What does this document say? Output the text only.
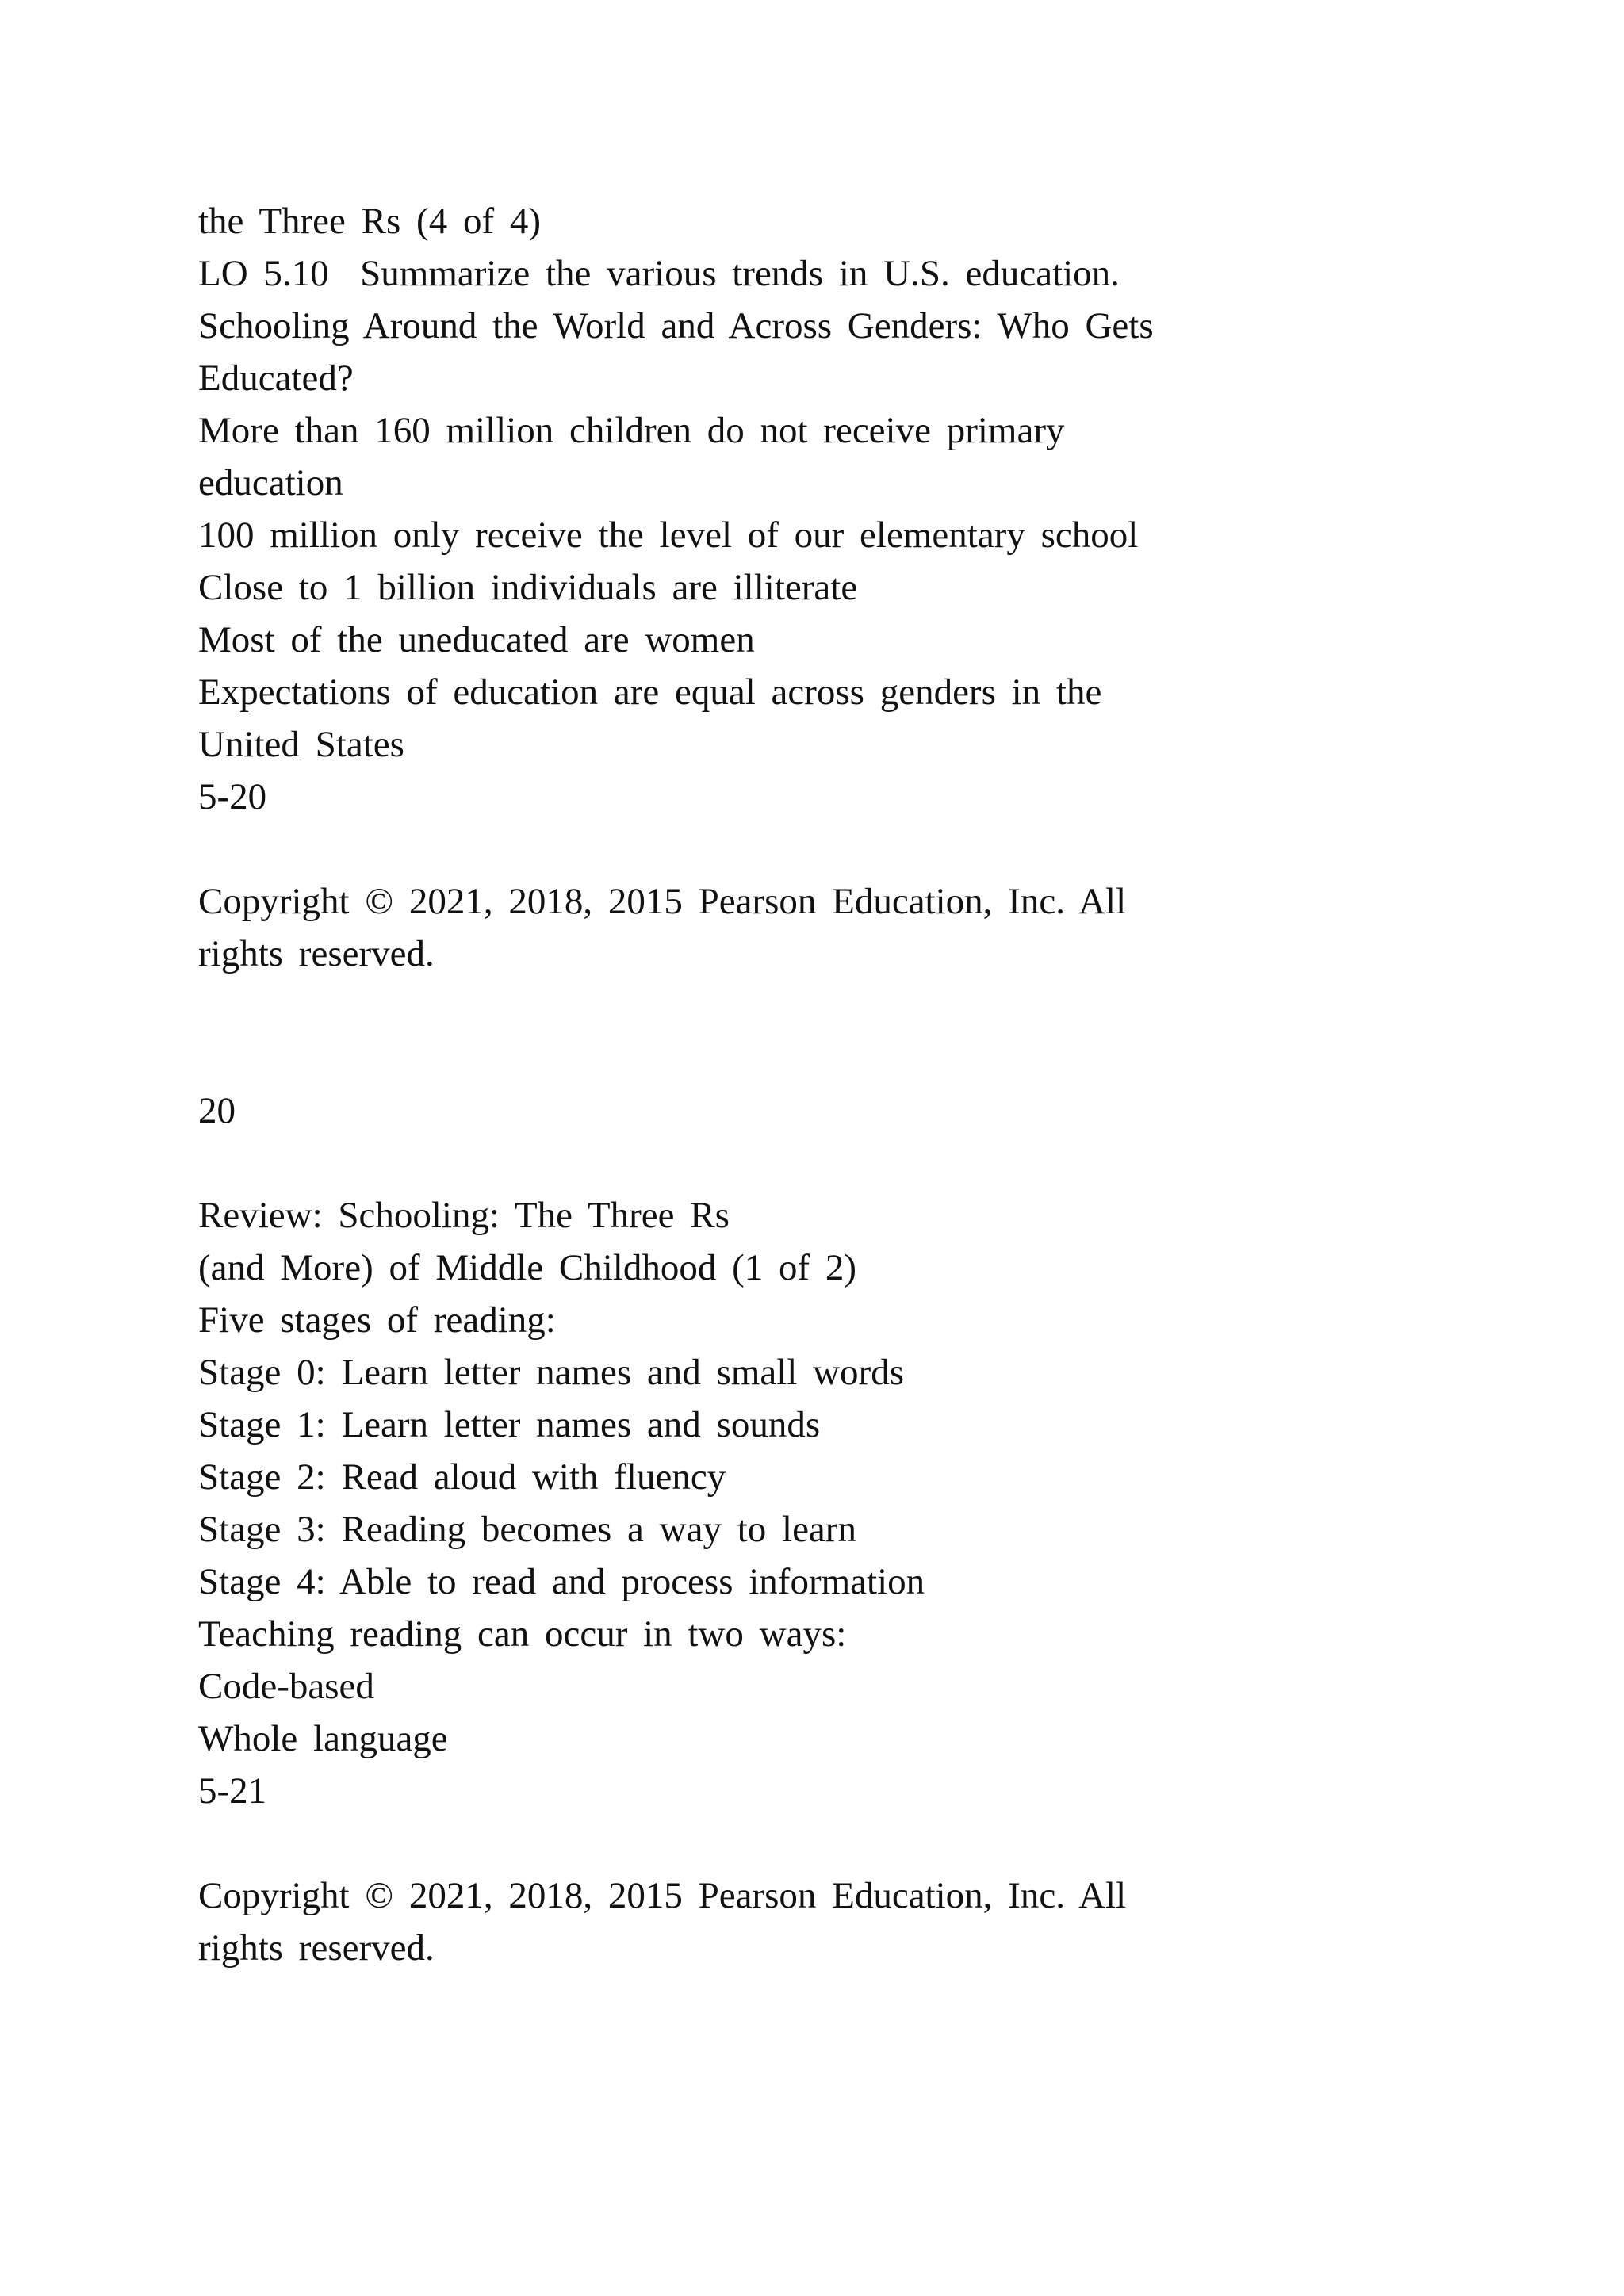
the Three Rs (4 of 4)
LO 5.10  Summarize the various trends in U.S. education.
Schooling Around the World and Across Genders: Who Gets
Educated?
More than 160 million children do not receive primary
education
100 million only receive the level of our elementary school
Close to 1 billion individuals are illiterate
Most of the uneducated are women
Expectations of education are equal across genders in the
United States
5-20
Copyright © 2021, 2018, 2015 Pearson Education, Inc. All
rights reserved.
20
Review: Schooling: The Three Rs
(and More) of Middle Childhood (1 of 2)
Five stages of reading:
Stage 0: Learn letter names and small words
Stage 1: Learn letter names and sounds
Stage 2: Read aloud with fluency
Stage 3: Reading becomes a way to learn
Stage 4: Able to read and process information
Teaching reading can occur in two ways:
Code-based
Whole language
5-21
Copyright © 2021, 2018, 2015 Pearson Education, Inc. All
rights reserved.
